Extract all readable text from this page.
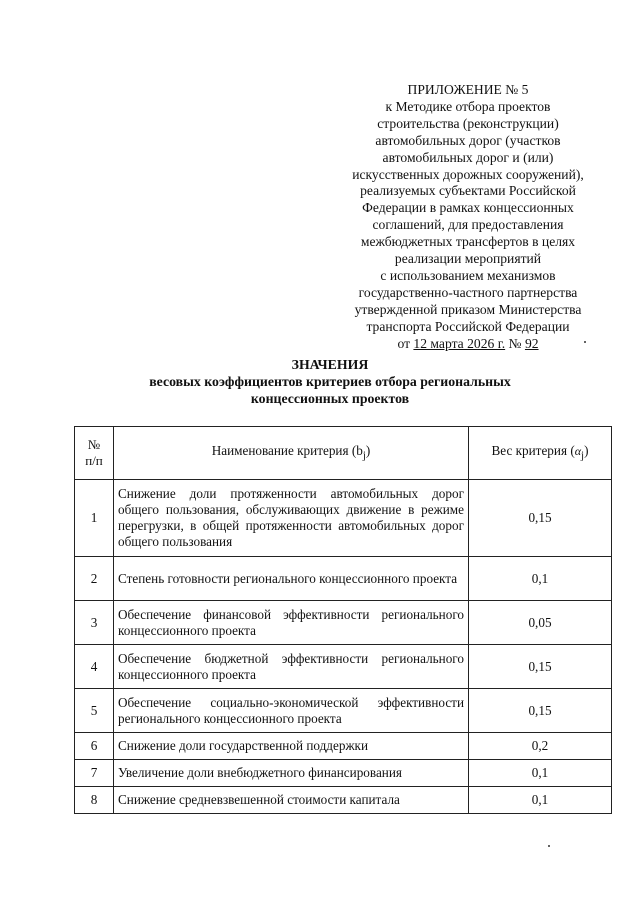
ПРИЛОЖЕНИЕ № 5
к Методике отбора проектов
строительства (реконструкции)
автомобильных дорог (участков
автомобильных дорог и (или)
искусственных дорожных сооружений),
реализуемых субъектами Российской
Федерации в рамках концессионных
соглашений, для предоставления
межбюджетных трансфертов в целях
реализации мероприятий
с использованием механизмов
государственно-частного партнерства
утвержденной приказом Министерства
транспорта Российской Федерации
от 12 марта 2026 г. № 92
ЗНАЧЕНИЯ
весовых коэффициентов критериев отбора региональных
концессионных проектов
№
п/п	Наименование критерия $(b_j)$	Вес критерия $(\alpha_j)$
1	Снижение доли протяженности автомобильных дорог общего пользования, обслуживающих движение в режиме перегрузки, в общей протяженности автомобильных дорог общего пользования	0,15
2	Степень готовности регионального концессионного проекта	0,1
3	Обеспечение финансовой эффективности регионального концессионного проекта	0,05
4	Обеспечение бюджетной эффективности регионального концессионного проекта	0,15
5	Обеспечение социально-экономической эффективности регионального концессионного проекта	0,15
6	Снижение доли государственной поддержки	0,2
7	Увеличение доли внебюджетного финансирования	0,1
8	Снижение средневзвешенной стоимости капитала	0,1
